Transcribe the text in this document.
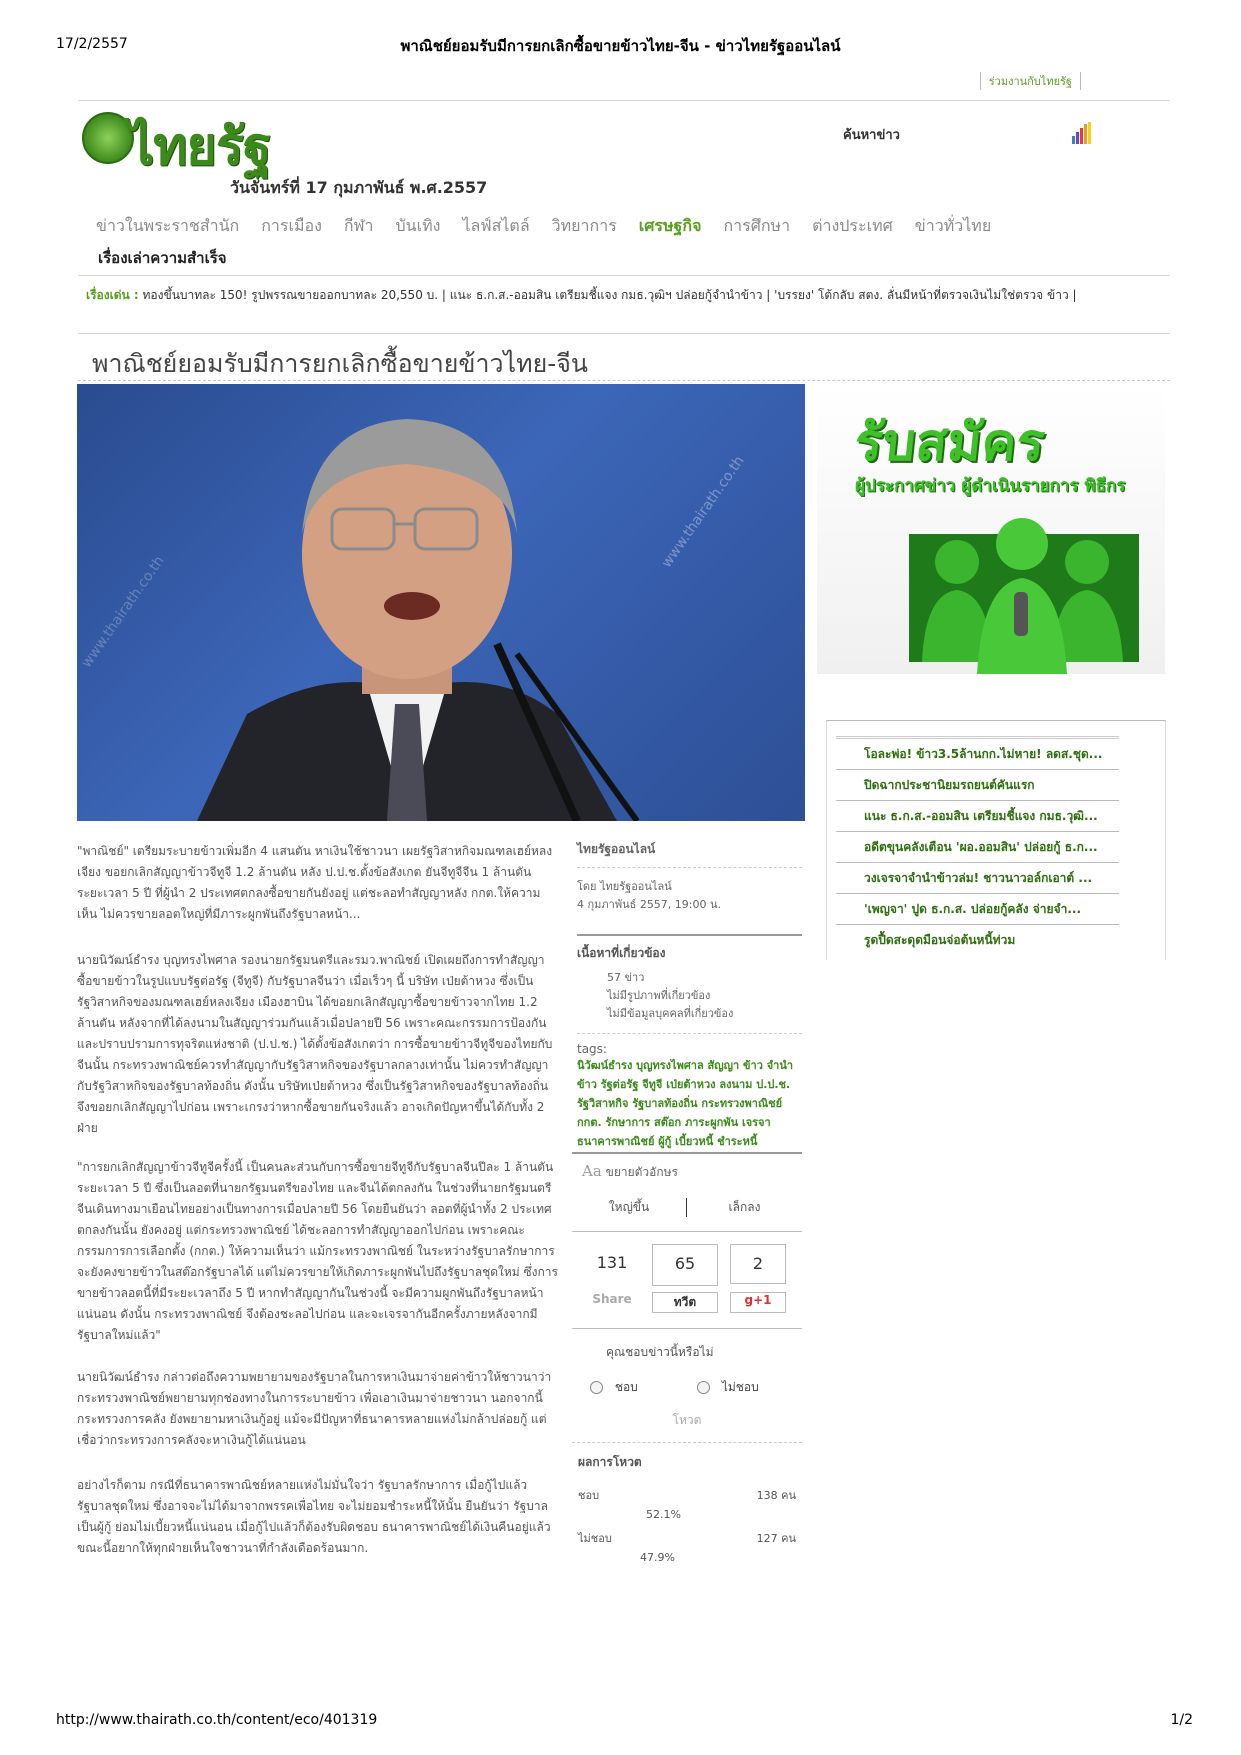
17/2/2557	พาณิชย์ยอมรับมีการยกเลิกซื้อขายข้าวไทย-จีน - ข่าวไทยรัฐออนไลน์
http://www.thairath.co.th/content/eco/401319	1/2
ร่วมงานกับไทยรัฐ
ไทยรัฐ
วันจันทร์ที่ 17 กุมภาพันธ์ พ.ศ.2557
ค้นหาข่าว
ข่าวในพระราชสำนัก การเมือง กีฬา บันเทิง ไลฟ์สไตล์ วิทยาการ เศรษฐกิจ การศึกษา ต่างประเทศ ข่าวทั่วไทย
เรื่องเล่าความสำเร็จ
เรื่องเด่น : ทองขึ้นบาทละ 150! รูปพรรณขายออกบาทละ 20,550 บ. | แนะ ธ.ก.ส.-ออมสิน เตรียมชี้แจง กมธ.วุฒิฯ ปล่อยกู้จำนำข้าว | 'บรรยง' โต้กลับ สตง. ลั่นมีหน้าที่ตรวจเงินไม่ใช่ตรวจ ข้าว |
พาณิชย์ยอมรับมีการยกเลิกซื้อขายข้าวไทย-จีน
www.thairath.co.th
www.thairath.co.th
รับสมัคร
ผู้ประกาศข่าว ผู้ดำเนินรายการ พิธีกร
"พาณิชย์" เตรียมระบายข้าวเพิ่มอีก 4 แสนตัน หาเงินใช้ชาวนา เผยรัฐวิสาหกิจมณฑลเฮย์หลงเจียง ขอยกเลิกสัญญาข้าวจีทูจี 1.2 ล้านตัน หลัง ป.ป.ช.ตั้งข้อสังเกต ยันจีทูจีจีน 1 ล้านตัน ระยะเวลา 5 ปี ที่ผู้นำ 2 ประเทศตกลงซื้อขายกันยังอยู่ แต่ชะลอทำสัญญาหลัง กกต.ให้ความเห็น ไม่ควรขายลอตใหญ่ที่มีภาระผูกพันถึงรัฐบาลหน้า...
นายนิวัฒน์ธำรง บุญทรงไพศาล รองนายกรัฐมนตรีและรมว.พาณิชย์ เปิดเผยถึงการทำสัญญาซื้อขายข้าวในรูปแบบรัฐต่อรัฐ (จีทูจี) กับรัฐบาลจีนว่า เมื่อเร็วๆ นี้ บริษัท เป่ยต้าหวง ซึ่งเป็นรัฐวิสาหกิจของมณฑลเฮย์หลงเจียง เมืองฮาบิน ได้ขอยกเลิกสัญญาซื้อขายข้าวจากไทย 1.2 ล้านตัน หลังจากที่ได้ลงนามในสัญญาร่วมกันแล้วเมื่อปลายปี 56 เพราะคณะกรรมการป้องกันและปราบปรามการทุจริตแห่งชาติ (ป.ป.ช.) ได้ตั้งข้อสังเกตว่า การซื้อขายข้าวจีทูจีของไทยกับจีนนั้น กระทรวงพาณิชย์ควรทำสัญญากับรัฐวิสาหกิจของรัฐบาลกลางเท่านั้น ไม่ควรทำสัญญากับรัฐวิสาหกิจของรัฐบาลท้องถิ่น ดังนั้น บริษัทเป่ยต้าหวง ซึ่งเป็นรัฐวิสาหกิจของรัฐบาลท้องถิ่น จึงขอยกเลิกสัญญาไปก่อน เพราะเกรงว่าหากซื้อขายกันจริงแล้ว อาจเกิดปัญหาขึ้นได้กับทั้ง 2 ฝ่าย
"การยกเลิกสัญญาข้าวจีทูจีครั้งนี้ เป็นคนละส่วนกับการซื้อขายจีทูจีกับรัฐบาลจีนปีละ 1 ล้านตัน ระยะเวลา 5 ปี ซึ่งเป็นลอตที่นายกรัฐมนตรีของไทย และจีนได้ตกลงกัน ในช่วงที่นายกรัฐมนตรีจีนเดินทางมาเยือนไทยอย่างเป็นทางการเมื่อปลายปี 56 โดยยืนยันว่า ลอตที่ผู้นำทั้ง 2 ประเทศตกลงกันนั้น ยังคงอยู่ แต่กระทรวงพาณิชย์ ได้ชะลอการทำสัญญาออกไปก่อน เพราะคณะกรรมการการเลือกตั้ง (กกต.) ให้ความเห็นว่า แม้กระทรวงพาณิชย์ ในระหว่างรัฐบาลรักษาการ จะยังคงขายข้าวในสต๊อกรัฐบาลได้ แต่ไม่ควรขายให้เกิดภาระผูกพันไปถึงรัฐบาลชุดใหม่ ซึ่งการขายข้าวลอตนี้ที่มีระยะเวลาถึง 5 ปี หากทำสัญญากันในช่วงนี้ จะมีความผูกพันถึงรัฐบาลหน้าแน่นอน ดังนั้น กระทรวงพาณิชย์ จึงต้องชะลอไปก่อน และจะเจรจากันอีกครั้งภายหลังจากมีรัฐบาลใหม่แล้ว"
นายนิวัฒน์ธำรง กล่าวต่อถึงความพยายามของรัฐบาลในการหาเงินมาจ่ายค่าข้าวให้ชาวนาว่า กระทรวงพาณิชย์พยายามทุกช่องทางในการระบายข้าว เพื่อเอาเงินมาจ่ายชาวนา นอกจากนี้ กระทรวงการคลัง ยังพยายามหาเงินกู้อยู่ แม้จะมีปัญหาที่ธนาคารหลายแห่งไม่กล้าปล่อยกู้ แต่เชื่อว่ากระทรวงการคลังจะหาเงินกู้ได้แน่นอน
อย่างไรก็ตาม กรณีที่ธนาคารพาณิชย์หลายแห่งไม่มั่นใจว่า รัฐบาลรักษาการ เมื่อกู้ไปแล้ว รัฐบาลชุดใหม่ ซึ่งอาจจะไม่ได้มาจากพรรคเพื่อไทย จะไม่ยอมชำระหนี้ให้นั้น ยืนยันว่า รัฐบาลเป็นผู้กู้ ย่อมไม่เบี้ยวหนี้แน่นอน เมื่อกู้ไปแล้วก็ต้องรับผิดชอบ ธนาคารพาณิชย์ได้เงินคืนอยู่แล้ว ขณะนี้อยากให้ทุกฝ่ายเห็นใจชาวนาที่กำลังเดือดร้อนมาก.
ไทยรัฐออนไลน์
โดย ไทยรัฐออนไลน์
4 กุมภาพันธ์ 2557, 19:00 น.
เนื้อหาที่เกี่ยวข้อง
57 ข่าว
ไม่มีรูปภาพที่เกี่ยวข้อง
ไม่มีข้อมูลบุคคลที่เกี่ยวข้อง
tags:
นิวัฒน์ธำรง บุญทรงไพศาล สัญญา ข้าว จำนำข้าว รัฐต่อรัฐ จีทูจี เป่ยต้าหวง ลงนาม ป.ป.ช. รัฐวิสาหกิจ รัฐบาลท้องถิ่น กระทรวงพาณิชย์ กกต. รักษาการ สต๊อก ภาระผูกพัน เจรจา ธนาคารพาณิชย์ ผู้กู้ เบี้ยวหนี้ ชำระหนี้
Aa ขยายตัวอักษร
ใหญ่ขึ้น	เล็กลง
131	65	2
Share	ทวีต	g+1
คุณชอบข่าวนี้หรือไม่
ชอบ	ไม่ชอบ
โหวต
ผลการโหวต
ชอบ	138 คน
52.1%
ไม่ชอบ	127 คน
47.9%
โอละพ่อ! ข้าว3.5ล้านกก.ไม่หาย! ลดส.ชุด...
ปิดฉากประชานิยมรถยนต์คันแรก
แนะ ธ.ก.ส.-ออมสิน เตรียมชี้แจง กมธ.วุฒิ...
อดีตขุนคลังเตือน 'ผอ.ออมสิน' ปล่อยกู้ ธ.ก...
วงเจรจาจำนำข้าวล่ม! ชาวนาวอล์กเอาต์ ...
'เพญจา' ปูด ธ.ก.ส. ปล่อยกู้คลัง จ่ายจำ...
รูดปื้ดสะดุดมือนจ่อต้นหนี้ท่วม
